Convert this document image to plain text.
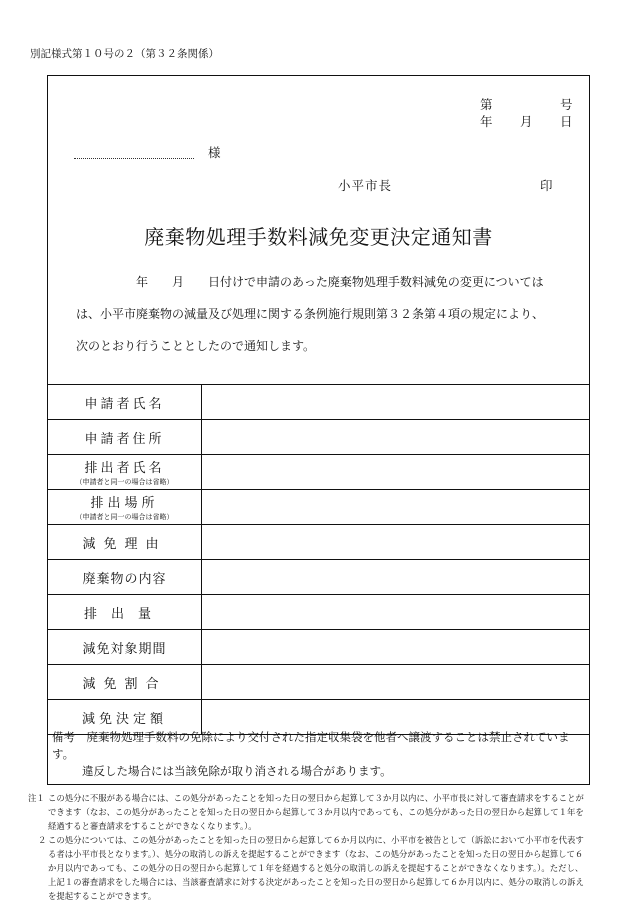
別記様式第１０号の２（第３２条関係）
第	号
年 月 日
様
小平市長	印
廃棄物処理手数料減免変更決定通知書
年　　月　　日付けで申請のあった廃棄物処理手数料減免の変更については
は、小平市廃棄物の減量及び処理に関する条例施行規則第３２条第４項の規定により、
次のとおり行うこととしたので通知します。
申請者氏名	
申請者住所	
排出者氏名
（申請者と同一の場合は省略）	

排出場所
（申請者と同一の場合は省略）	

減免理由	
廃棄物の内容	
排出量	
減免対象期間	
減免割合	
減免決定額	
備考　廃棄物処理手数料の免除により交付された指定収集袋を他者へ譲渡することは禁止されています。
違反した場合には当該免除が取り消される場合があります。
注１ この処分に不服がある場合には、この処分があったことを知った日の翌日から起算して３か月以内に、小平市長に対して審査請求をすることができます（なお、この処分があったことを知った日の翌日から起算して３か月以内であっても、この処分があった日の翌日から起算して１年を経過すると審査請求をすることができなくなります。）。
２ この処分については、この処分があったことを知った日の翌日から起算して６か月以内に、小平市を被告として（訴訟において小平市を代表する者は小平市長となります。）、処分の取消しの訴えを提起することができます（なお、この処分があったことを知った日の翌日から起算して６か月以内であっても、この処分の日の翌日から起算して１年を経過すると処分の取消しの訴えを提起することができなくなります。）。ただし、上記１の審査請求をした場合には、当該審査請求に対する決定があったことを知った日の翌日から起算して６か月以内に、処分の取消しの訴えを提起することができます。
